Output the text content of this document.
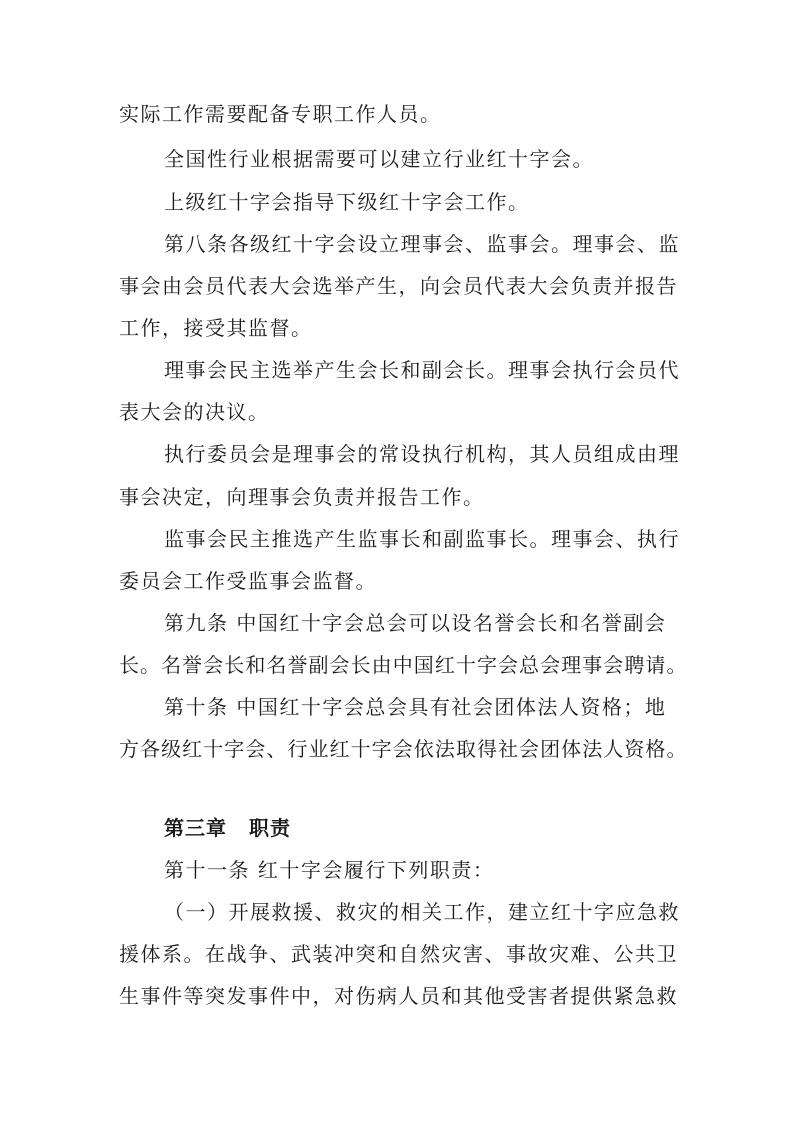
实际工作需要配备专职工作人员。
全国性行业根据需要可以建立行业红十字会。
上级红十字会指导下级红十字会工作。
第八条各级红十字会设立理事会、监事会。理事会、监
事会由会员代表大会选举产生，向会员代表大会负责并报告
工作，接受其监督。
理事会民主选举产生会长和副会长。理事会执行会员代
表大会的决议。
执行委员会是理事会的常设执行机构，其人员组成由理
事会决定，向理事会负责并报告工作。
监事会民主推选产生监事长和副监事长。理事会、执行
委员会工作受监事会监督。
第九条 中国红十字会总会可以设名誉会长和名誉副会
长。名誉会长和名誉副会长由中国红十字会总会理事会聘请。
第十条 中国红十字会总会具有社会团体法人资格；地
方各级红十字会、行业红十字会依法取得社会团体法人资格。
第三章 职责
第十一条 红十字会履行下列职责：
（一）开展救援、救灾的相关工作，建立红十字应急救
援体系。在战争、武装冲突和自然灾害、事故灾难、公共卫
生事件等突发事件中，对伤病人员和其他受害者提供紧急救
